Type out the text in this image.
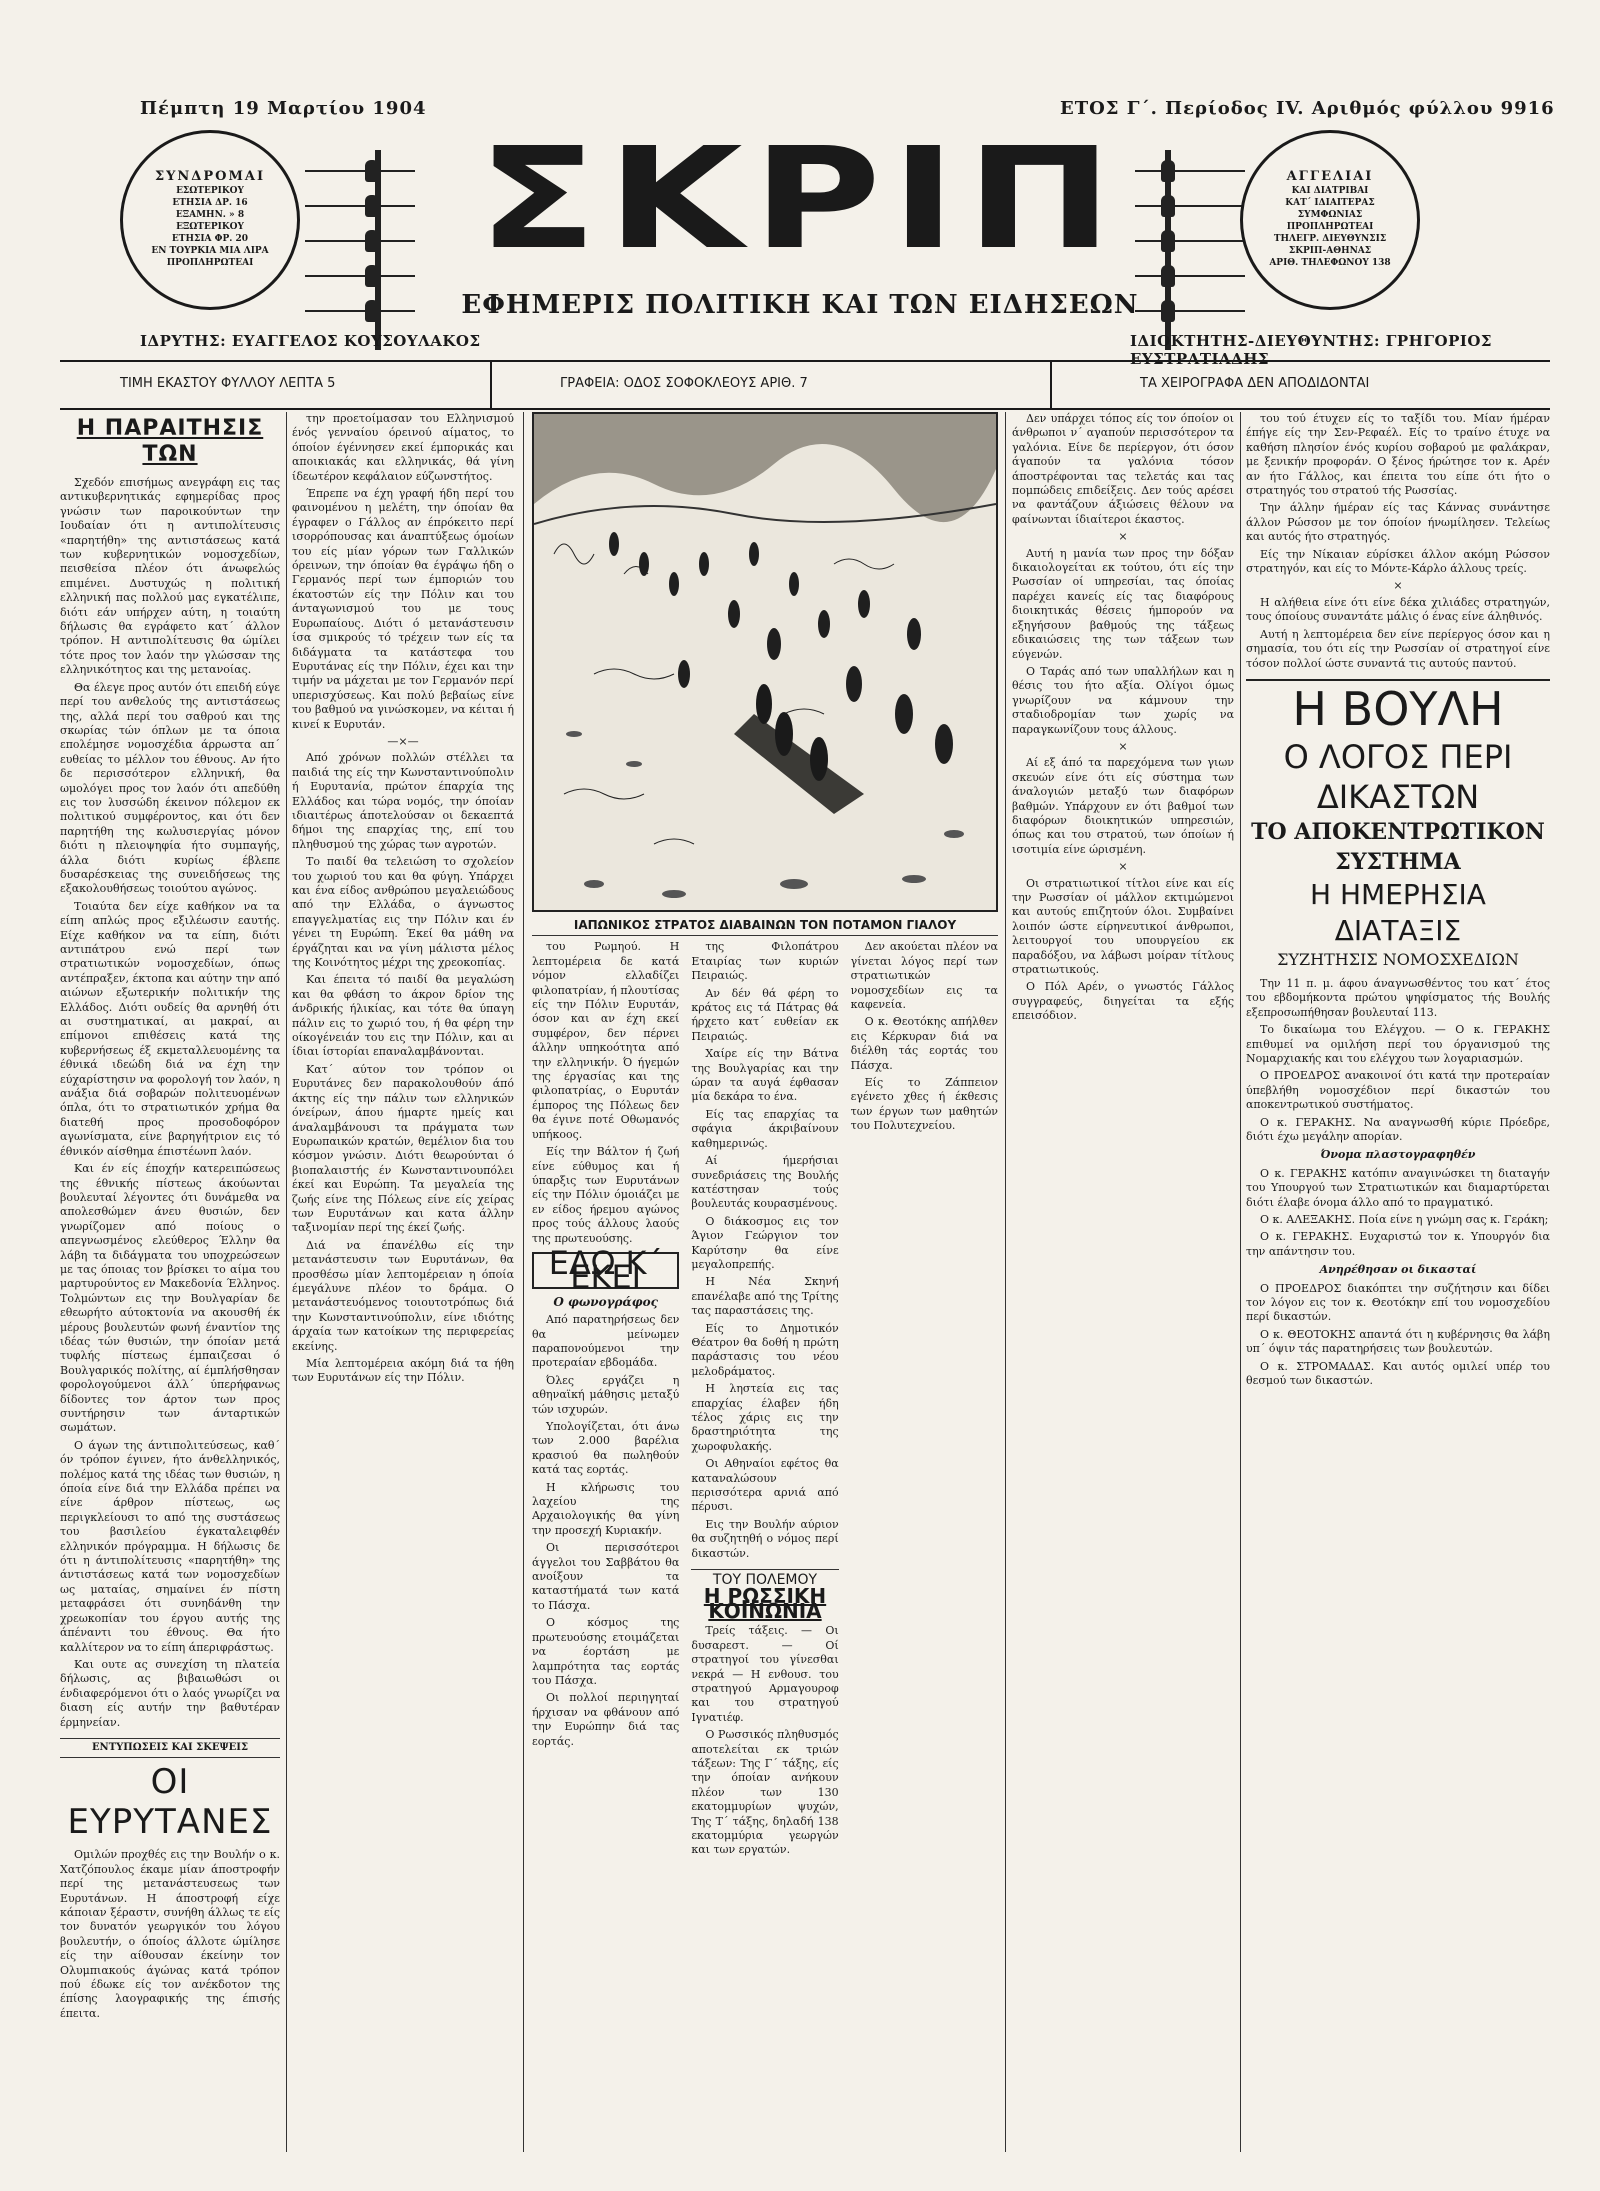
Πέμπτη 19 Μαρτίου 1904	ΕΤΟΣ Γ΄. Περίοδος ΙV. Αριθμός φύλλου 9916
ΣΥΝΔΡΟΜΑΙ
ΕΣΩΤΕΡΙΚΟΥ
ΕΤΗΣΙΑ ΔΡ. 16
ΕΞΑΜΗΝ. » 8
ΕΞΩΤΕΡΙΚΟΥ
ΕΤΗΣΙΑ ΦΡ. 20
ΕΝ ΤΟΥΡΚΙΑ ΜΙΑ ΛΙΡΑ
ΠΡΟΠΛΗΡΩΤΕΑΙ
ΑΓΓΕΛΙΑΙ
ΚΑΙ ΔΙΑΤΡΙΒΑΙ
ΚΑΤ΄ ΙΔΙΑΙΤΕΡΑΣ
ΣΥΜΦΩΝΙΑΣ
ΠΡΟΠΛΗΡΩΤΕΑΙ
ΤΗΛΕΓΡ. ΔΙΕΥΘΥΝΣΙΣ
ΣΚΡΙΠ-ΑΘΗΝΑΣ
ΑΡΙΘ. ΤΗΛΕΦΩΝΟΥ 138
ΣΚΡΙΠ
ΕΦΗΜΕΡΙΣ ΠΟΛΙΤΙΚΗ ΚΑΙ ΤΩΝ ΕΙΔΗΣΕΩΝ
ΙΔΡΥΤΗΣ: ΕΥΑΓΓΕΛΟΣ ΚΟΥΣΟΥΛΑΚΟΣ	ΙΔΙΟΚΤΗΤΗΣ-ΔΙΕΥΘΥΝΤΗΣ: ΓΡΗΓΟΡΙΟΣ ΕΥΣΤΡΑΤΙΑΔΗΣ
ΤΙΜΗ ΕΚΑΣΤΟΥ ΦΥΛΛΟΥ ΛΕΠΤΑ 5	ΓΡΑΦΕΙΑ: ΟΔΟΣ ΣΟΦΟΚΛΕΟΥΣ ΑΡΙΘ. 7	ΤΑ ΧΕΙΡΟΓΡΑΦΑ ΔΕΝ ΑΠΟΔΙΔΟΝΤΑΙ
Η ΠΑΡΑΙΤΗΣΙΣ ΤΩΝ

Σχεδόν επισήμως ανεγράφη εις τας αντικυβερνητικάς εφημερίδας προς γνώσιν των παροικούντων την Ιουδαίαν ότι η αντιπολίτευσις «παρητήθη» της αντιστάσεως κατά των κυβερνητικών νομοσχεδίων, πεισθείσα πλέον ότι άνωφελώς επιμένει. Δυστυχώς η πολιτική ελληνική πας πολλού μας εγκατέλιπε, διότι εάν υπήρχεν αύτη, η τοιαύτη δήλωσις θα εγράφετο κατ΄ άλλον τρόπον. Η αντιπολίτευσις θα ώμίλει τότε προς τον λαόν την γλώσσαν της ελληνικότητος και της μετανοίας.

Θα έλεγε προς αυτόν ότι επειδή εύγε περί του ανθελούς της αντιστάσεως της, αλλά περί του σαθρού και της σκωρίας τών όπλων με τα όποια επολέμησε νομοσχέδια άρρωστα απ΄ ευθείας το μέλλον του έθνους. Αν ήτο δε περισσότερον ελληνική, θα ωμολόγει προς τον λαόν ότι απεδύθη εις τον λυσσώδη έκεινον πόλεμον εκ πολιτικού συμφέροντος, και ότι δεν παρητήθη της κωλυσιεργίας μόνον διότι η πλειοψηφία ήτο συμπαγής, άλλα διότι κυρίως έβλεπε δυσαρέσκειας της συνειδήσεως της εξακολουθήσεως τοιούτου αγώνος.

Τοιαύτα δεν είχε καθήκον να τα είπη απλώς προς εξιλέωσιν εαυτής. Είχε καθήκον να τα είπη, διότι αντιπάτρου ενώ περί των στρατιωτικών νομοσχεδίων, όπως αντέπραξεν, έκτοπα και αύτην την από αιώνων εξωτερικήν πολιτικήν της Ελλάδος. Διότι ουδείς θα αρνηθή ότι αι συστηματικαί, αι μακραί, αι επίμονοι επιθέσεις κατά της κυβερνήσεως έξ εκμεταλλευομένης τα έθνικά ιδεώδη διά να έχη την εύχαρίστησιν να φορολογή τον λαόν, η ανάξια διά σοβαρών πολιτευομένων όπλα, ότι το στρατιωτικόν χρήμα θα διατεθή προς προσοδοφόρον αγωνίσματα, είνε βαρηγήτριον εις τό έθνικόν αίσθημα έπιστέωνπ λαόν.

Και έν είς έποχήν κατερειπώσεως της έθνικής πίστεως άκούωνται βουλευταί λέγοντες ότι δυνάμεθα να απολεσθώμεν άνευ θυσιών, δεν γνωρίζομεν από ποίους ο απεγνωσμένος ελεύθερος Έλλην θα λάβη τα διδάγματα του υποχρεώσεων με τας όποιας τον βρίσκει το αίμα του μαρτυρούντος εν Μακεδονία Έλληνος. Τολμώντων εις την Βουλγαρίαν δε εθεωρήτο αύτοκτονία να ακουσθή έκ μέρους βουλευτών φωνή έναντίον της ιδέας τών θυσιών, την όποίαν μετά τυφλής πίστεως έμπαιζεσαι ό Βουλγαρικός πολίτης, αί έμπλήσθησαν φορολογούμενοι άλλ΄ ύπερήφανως δίδοντες τον άρτον των προς συντήρησιν των άνταρτικών σωμάτων.

Ο άγων της άντιπολιτεύσεως, καθ΄ όν τρόπον έγινεν, ήτο άνθελληνικός, πολέμος κατά της ιδέας των θυσιών, η όποία είνε διά την Ελλάδα πρέπει να είνε άρθρον πίστεως, ως περιγκλείουσι το από της συστάσεως του βασιλείου έγκαταλειφθέν ελληνικόν πρόγραμμα. Η δήλωσις δε ότι η άντιπολίτευσις «παρητήθη» της άντιστάσεως κατά των νομοσχεδίων ως ματαίας, σημαίνει έν πίστη μεταφράσει ότι συνηδάνθη την χρεωκοπίαν του έργου αυτής της άπέναντι του έθνους. Θα ήτο καλλίτερον να το είπη άπεριφράστως.

Και ουτε ας συνεχίση τη πλατεία δήλωσις, ας βιβαιωθώσι οι ένδιαφερόμενοι ότι ο λαός γνωρίζει να διαση είς αυτήν την βαθυτέραν έρμηνείαν.

ΕΝΤΥΠΩΣΕΙΣ ΚΑΙ ΣΚΕΨΕΙΣ
ΟΙ ΕΥΡΥΤΑΝΕΣ

Ομιλών προχθές εις την Βουλήν ο κ. Χατζόπουλος έκαμε μίαν άποστροφήν περί της μετανάστευσεως των Ευρυτάνων. Η άποστροφή είχε κάποιαν ξέραστν, συνήθη άλλως τε είς τον δυνατόν γεωργικόν του λόγου βουλευτήν, ο όποίος άλλοτε ώμίλησε είς την αίθουσαν έκείνην τον Ολυμπιακούς άγώνας κατά τρόπον πού έδωκε είς τον ανέκδοτον της έπίσης λαογραφικής της έπισής έπειτα.

την προετοίμασαν του Ελληνισμού ένός γενναίου όρεινού αίματος, το όποίον έγέννησεν εκεί έμπορικάς και αποικιακάς και ελληνικάς, θά γίνη ίδεωτέρον κεφάλαιον εύζωνστήτος.

Έπρεπε να έχη γραφή ήδη περί του φαινομένου η μελέτη, την όποίαν θα έγραφεν ο Γάλλος αν έπρόκειτο περί ισορρόπουσας και άναπτύξεως όμοίων του είς μίαν γόρων των Γαλλικών όρεινων, την όποίαν θα έγράψω ήδη ο Γερμανός περί των έμποριών του έκατοστών είς την Πόλιν και του άνταγωνισμού του με τους Ευρωπαίους. Διότι ό μετανάστευσιν ίσα σμικρούς τό τρέχειν των είς τα διδάγματα τα κατάστεφα του Ευρυτάνας είς την Πόλιν, έχει και την τιμήν να μάχεται με τον Γερμανόν περί υπερισχύσεως. Και πολύ βεβαίως είνε του βαθμού να γινώσκομεν, να κέιται ή κινεί κ Ευρυτάν.

—×—

Από χρόνων πολλών στέλλει τα παιδιά της είς την Κωνσταντινούπολιν ή Ευρυτανία, πρώτον έπαρχία της Ελλάδος και τώρα νομός, την όποίαν ιδιαιτέρως άποτελούσαν οι δεκαεπτά δήμοι της επαρχίας της, επί του πληθυσμού της χώρας των αγροτών.

Το παιδί θα τελειώση το σχολείον του χωριού του και θα φύγη. Υπάρχει και ένα είδος ανθρώπου μεγαλειώδους από την Ελλάδα, ο άγνωστος επαγγελματίας εις την Πόλιν και έν γένει τη Ευρώπη. Έκεί θα μάθη να έργάζηται και να γίνη μάλιστα μέλος της Κοινότητος μέχρι της χρεοκοπίας.

Και έπειτα τό παιδί θα μεγαλώση και θα φθάση το άκρον δρίον της άνδρικής ήλικίας, και τότε θα ύπαγη πάλιν εις το χωριό του, ή θα φέρη την οίκογένειάν του εις την Πόλιν, και αι ίδιαι ίστορίαι επαναλαμβάνονται.

Κατ΄ αύτον τον τρόπον οι Ευρυτάνες δεν παρακολουθούν άπό άκτης είς την πάλιν των ελληνικών όνείρων, άπου ήμαρτε ημείς και άναλαμβάνουσι τα πράγματα των Ευρωπαικών κρατών, θεμέλιον δια του κόσμον γνώσιν. Διότι θεωρούνται ό βιοπαλαιστής έν Κωνσταντινουπόλει έκεί και Ευρώπη. Τα μεγαλεία της ζωής είνε της Πόλεως είνε είς χείρας των Ευρυτάνων και κατα άλλην ταξινομίαν περί της έκεί ζωής.

Διά να έπανέλθω είς την μετανάστευσιν των Ευρυτάνων, θα προσθέσω μίαν λεπτομέρειαν η όποία έμεγάλυνε πλέον το δράμα. Ο μετανάστευόμενος τοιουτοτρόπως διά την Κωνσταντινούπολιν, είνε ιδιότης άρχαία των κατοίκων της περιφερείας εκείνης.

Μία λεπτομέρεια ακόμη διά τα ήθη των Ευρυτάνων είς την Πόλιν.

ΙΑΠΩΝΙΚΟΣ ΣΤΡΑΤΟΣ ΔΙΑΒΑΙΝΩΝ ΤΟΝ ΠΟΤΑΜΟΝ ΓΙΑΛΟΥ

του Ρωμηού. Η λεπτομέρεια δε κατά νόμον ελλαδίζει φιλοπατρίαν, ή πλουτίσας είς την Πόλιν Ευρυτάν, όσον και αν έχη εκεί συμφέρον, δεν πέρνει άλλην υπηκοότητα από την ελληνικήν. Ό ήγεμών της έργασίας και της φιλοπατρίας, ο Ευρυτάν έμπορος της Πόλεως δεν θα έγινε ποτέ Οθωμανός υπήκοος.

Είς την Βάλτον ή ζωή είνε εύθυμος και ή ύπαρξις των Ευρυτάνων είς την Πόλιν όμοιάζει με εν είδος ήρεμου αγώνος προς τούς άλλους λαούς της πρωτευούσης.

ΕΔΩ Κ΄ ΕΚΕΙ
Ο φωνογράφος

Από παρατηρήσεως δεν θα μείνωμεν παραπονούμενοι την προτεραίαν εβδομάδα.

Όλες εργάζει η αθηναϊκή μάθησις μεταξύ τών ισχυρών.

Υπολογίζεται, ότι άνω των 2.000 βαρέλια κρασιού θα πωληθούν κατά τας εορτάς.

Η κλήρωσις του λαχείου της Αρχαιολογικής θα γίνη την προσεχή Κυριακήν.

Οι περισσότεροι άγγελοι του Σαββάτου θα ανοίξουν τα καταστήματά των κατά το Πάσχα.

Ο κόσμος της πρωτευούσης ετοιμάζεται να έορτάση με λαμπρότητα τας εορτάς του Πάσχα.

Οι πολλοί περιηγηταί ήρχισαν να φθάνουν από την Ευρώπην διά τας εορτάς.

της Φιλοπάτρου Εταιρίας των κυριών Πειραιώς.

Αν δέν θά φέρη το κράτος εις τά Πάτρας θά ήρχετο κατ΄ ευθείαν εκ Πειραιώς.

Χαίρε είς την Βάτνα της Βουλγαρίας και την ώραν τα αυγά έφθασαν μία δεκάρα το ένα.

Είς τας επαρχίας τα σφάγια άκριβαίνουν καθημερινώς.

Αί ήμερήσιαι συνεδριάσεις της Βουλής κατέστησαν τούς βουλευτάς κουρασμένους.

Ο διάκοσμος εις τον Άγιον Γεώργιον τον Καρύτσην θα είνε μεγαλοπρεπής.

Η Νέα Σκηνή επανέλαβε από της Τρίτης τας παραστάσεις της.

Είς το Δημοτικόν Θέατρον θα δοθή η πρώτη παράστασις του νέου μελοδράματος.

Η ληστεία εις τας επαρχίας έλαβεν ήδη τέλος χάρις εις την δραστηριότητα της χωροφυλακής.

Οι Αθηναίοι εφέτος θα καταναλώσουν περισσότερα αρνιά από πέρυσι.

Εις την Βουλήν αύριον θα συζητηθή ο νόμος περί δικαστών.

ΤΟΥ ΠΟΛΕΜΟΥ
Η ΡΩΣΣΙΚΗ ΚΟΙΝΩΝΙΑ

Τρείς τάξεις. — Οι δυσαρεστ. — Οί στρατηγοί του γίνεσθαι νεκρά — Η ενθουσ. του στρατηγού Αρμαγουροφ και του στρατηγού Ιγνατιέφ.

Ο Ρωσσικός πληθυσμός αποτελείται εκ τριών τάξεων: Της Γ΄ τάξης, είς την όποίαν ανήκουν πλέον των 130 εκατομμυρίων ψυχών, Της Τ΄ τάξης, δηλαδή 138 εκατομμύρια γεωργών και των εργατών.

Δεν ακούεται πλέον να γίνεται λόγος περί των στρατιωτικών νομοσχεδίων εις τα καφενεία.

Ο κ. Θεοτόκης απήλθεν εις Κέρκυραν διά να διέλθη τάς εορτάς του Πάσχα.

Είς το Ζάππειον εγένετο χθες ή έκθεσις των έργων των μαθητών του Πολυτεχνείου.

Δεν υπάρχει τόπος είς τον όποίον οι άνθρωποι ν΄ αγαπούν περισσότερον τα γαλόνια. Είνε δε περίεργον, ότι όσον άγαπούν τα γαλόνια τόσον άποστρέφονται τας τελετάς και τας πομπώδεις επιδείξεις. Δεν τούς αρέσει να φαντάζουν άξιώσεις θέλουν να φαίνωνται ίδιαίτεροι έκαστος.

×

Αυτή η μανία των προς την δόξαν δικαιολογείται εκ τούτου, ότι είς την Ρωσσίαν οί υπηρεσίαι, τας όποίας παρέχει κανείς είς τας διαφόρους διοικητικάς θέσεις ήμπορούν να εξηγήσουν βαθμούς της τάξεως εδικαιώσεις της των τάξεων των εύγενών.

Ο Ταράς από των υπαλλήλων και η θέσις του ήτο αξία. Ολίγοι όμως γνωρίζουν να κάμνουν την σταδιοδρομίαν των χωρίς να παραγκωνίζουν τους άλλους.

×

Αί εξ άπό τα παρεχόμενα των γιων σκευών είνε ότι είς σύστημα των άναλογιών μεταξύ των διαφόρων βαθμών. Υπάρχουν εν ότι βαθμοί των διαφόρων διοικητικών υπηρεσιών, όπως και του στρατού, των όποίων ή ισοτιμία είνε ώρισμένη.

×

Οι στρατιωτικοί τίτλοι είνε και είς την Ρωσσίαν οί μάλλον εκτιμώμενοι και αυτούς επιζητούν όλοι. Συμβαίνει λοιπόν ώστε είρηνευτικοί άνθρωποι, λειτουργοί του υπουργείου εκ παραδόξου, να λάβωσι μοίραν τίτλους στρατιωτικούς.

Ο Πόλ Αρέν, ο γνωστός Γάλλος συγγραφεύς, διηγείται τα εξής επεισόδιον.

του τού έτυχεν είς το ταξίδι του. Μίαν ήμέραν έπήγε είς την Σεν-Ρεφαέλ. Είς το τραίνο έτυχε να καθήση πλησίον ένός κυρίου σοβαρού με φαλάκραν, με ξενικήν προφοράν. Ο ξένος ήρώτησε τον κ. Αρέν αν ήτο Γάλλος, και έπειτα του είπε ότι ήτο ο στρατηγός του στρατού τής Ρωσσίας.

Την άλλην ήμέραν είς τας Κάννας συνάντησε άλλον Ρώσσον με τον όποίον ήνωμίλησεν. Τελείως και αυτός ήτο στρατηγός.

Είς την Νίκαιαν εύρίσκει άλλον ακόμη Ρώσσον στρατηγόν, και είς το Μόντε-Κάρλο άλλους τρείς.

×

Η αλήθεια είνε ότι είνε δέκα χιλιάδες στρατηγών, τους όποίους συναντάτε μάλις ό ένας είνε άληθινός.

Αυτή η λεπτομέρεια δεν είνε περίεργος όσον και η σημασία, του ότι είς την Ρωσσίαν οί στρατηγοί είνε τόσον πολλοί ώστε συναντά τις αυτούς παντού.

Η ΒΟΥΛΗ
Ο ΛΟΓΟΣ ΠΕΡΙ ΔΙΚΑΣΤΩΝ
ΤΟ ΑΠΟΚΕΝΤΡΩΤΙΚΟΝ ΣΥΣΤΗΜΑ
Η ΗΜΕΡΗΣΙΑ ΔΙΑΤΑΞΙΣ
ΣΥΖΗΤΗΣΙΣ ΝΟΜΟΣΧΕΔΙΩΝ

Την 11 π. μ. άφου άναγνωσθέντος του κατ΄ έτος του εβδομήκοντα πρώτου ψηφίσματος τής Βουλής εξεπροσωπήθησαν βουλευταί 113.

Το δικαίωμα του Ελέγχου. — Ο κ. ΓΕΡΑΚΗΣ επιθυμεί να ομιλήση περί του όργανισμού της Νομαρχιακής και του ελέγχου των λογαριασμών.

Ο ΠΡΟΕΔΡΟΣ ανακοινοί ότι κατά την προτεραίαν ύπεβλήθη νομοσχέδιον περί δικαστών του αποκεντρωτικού συστήματος.

Ο κ. ΓΕΡΑΚΗΣ. Να αναγνωσθή κύριε Πρόεδρε, διότι έχω μεγάλην απορίαν.

Όνομα πλαστογραφηθέν

Ο κ. ΓΕΡΑΚΗΣ κατόπιν αναγινώσκει τη διαταγήν του Υπουργού των Στρατιωτικών και διαμαρτύρεται διότι έλαβε όνομα άλλο από το πραγματικό.

Ο κ. ΑΛΕΞΑΚΗΣ. Ποία είνε η γνώμη σας κ. Γεράκη;

Ο κ. ΓΕΡΑΚΗΣ. Ευχαριστώ τον κ. Υπουργόν δια την απάντησιν του.

Ανηρέθησαν οι δικασταί

Ο ΠΡΟΕΔΡΟΣ διακόπτει την συζήτησιν και δίδει τον λόγον εις τον κ. Θεοτόκην επί του νομοσχεδίου περί δικαστών.

Ο κ. ΘΕΟΤΟΚΗΣ απαντά ότι η κυβέρνησις θα λάβη υπ΄ όψιν τάς παρατηρήσεις των βουλευτών.

Ο κ. ΣΤΡΟΜΑΔΑΣ. Και αυτός ομιλεί υπέρ του θεσμού των δικαστών.
